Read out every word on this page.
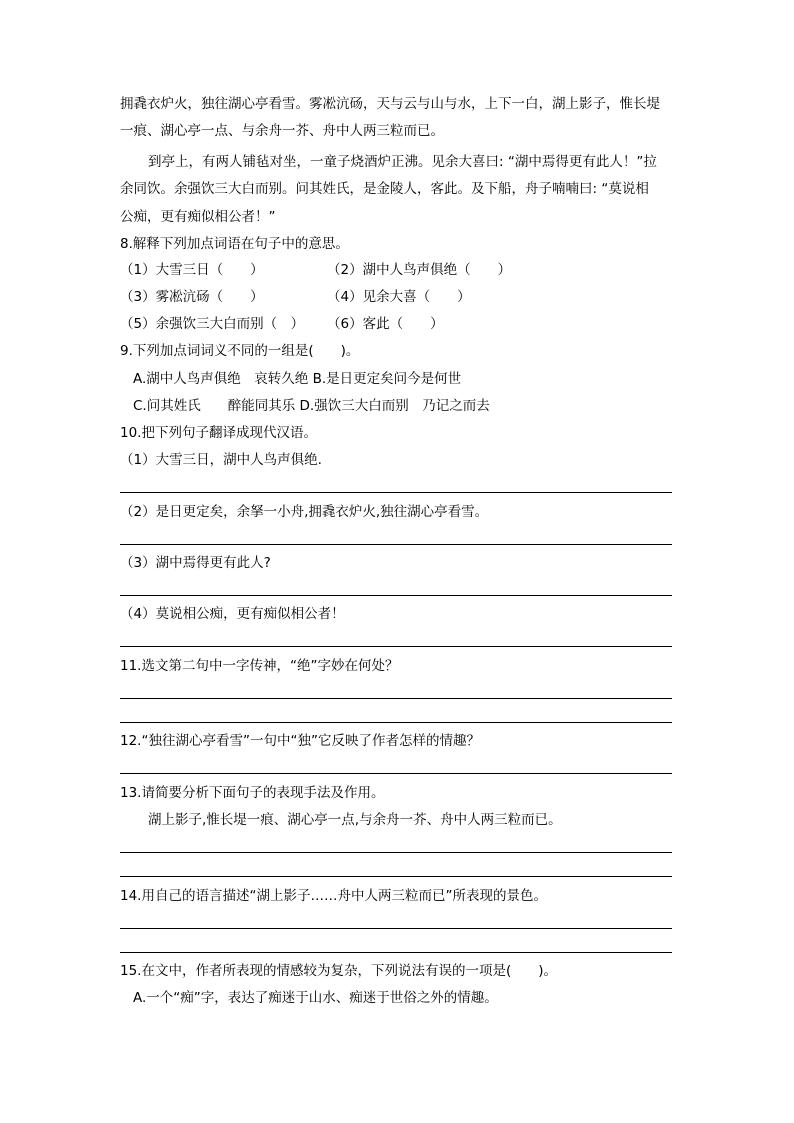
拥毳衣炉火，独往湖心亭看雪。雾凇沆砀，天与云与山与水，上下一白，湖上影子，惟长堤
一痕、湖心亭一点、与余舟一芥、舟中人两三粒而已。
到亭上，有两人铺毡对坐，一童子烧酒炉正沸。见余大喜曰: “湖中焉得更有此人！”拉
余同饮。余强饮三大白而别。问其姓氏，是金陵人，客此。及下船，舟子喃喃曰: “莫说相
公痴，更有痴似相公者！”
8.解释下列加点词语在句子中的意思。
（1）大雪三日（　　）	（2）湖中人鸟声俱绝（　　）
（3）雾凇沆砀（　　）	（4）见余大喜（　　）
（5）余强饮三大白而别（　） （6）客此（　　）
9.下列加点词词义不同的一组是(　　)。
A.湖中人鸟声俱绝　哀转久绝 B.是日更定矣问今是何世
C.问其姓氏　　醉能同其乐 D.强饮三大白而别　乃记之而去
10.把下列句子翻译成现代汉语。
（1）大雪三日，湖中人鸟声俱绝.
（2）是日更定矣，余拏一小舟,拥毳衣炉火,独往湖心亭看雪。
（3）湖中焉得更有此人?
（4）莫说相公痴，更有痴似相公者！
11.选文第二句中一字传神，“绝”字妙在何处？
12.“独往湖心亭看雪”一句中“独”它反映了作者怎样的情趣？
13.请简要分析下面句子的表现手法及作用。
湖上影子,惟长堤一痕、湖心亭一点,与余舟一芥、舟中人两三粒而已。
14.用自己的语言描述“湖上影子……舟中人两三粒而已”所表现的景色。
15.在文中，作者所表现的情感较为复杂，下列说法有误的一项是(　　)。
A.一个“痴”字，表达了痴迷于山水、痴迷于世俗之外的情趣。
